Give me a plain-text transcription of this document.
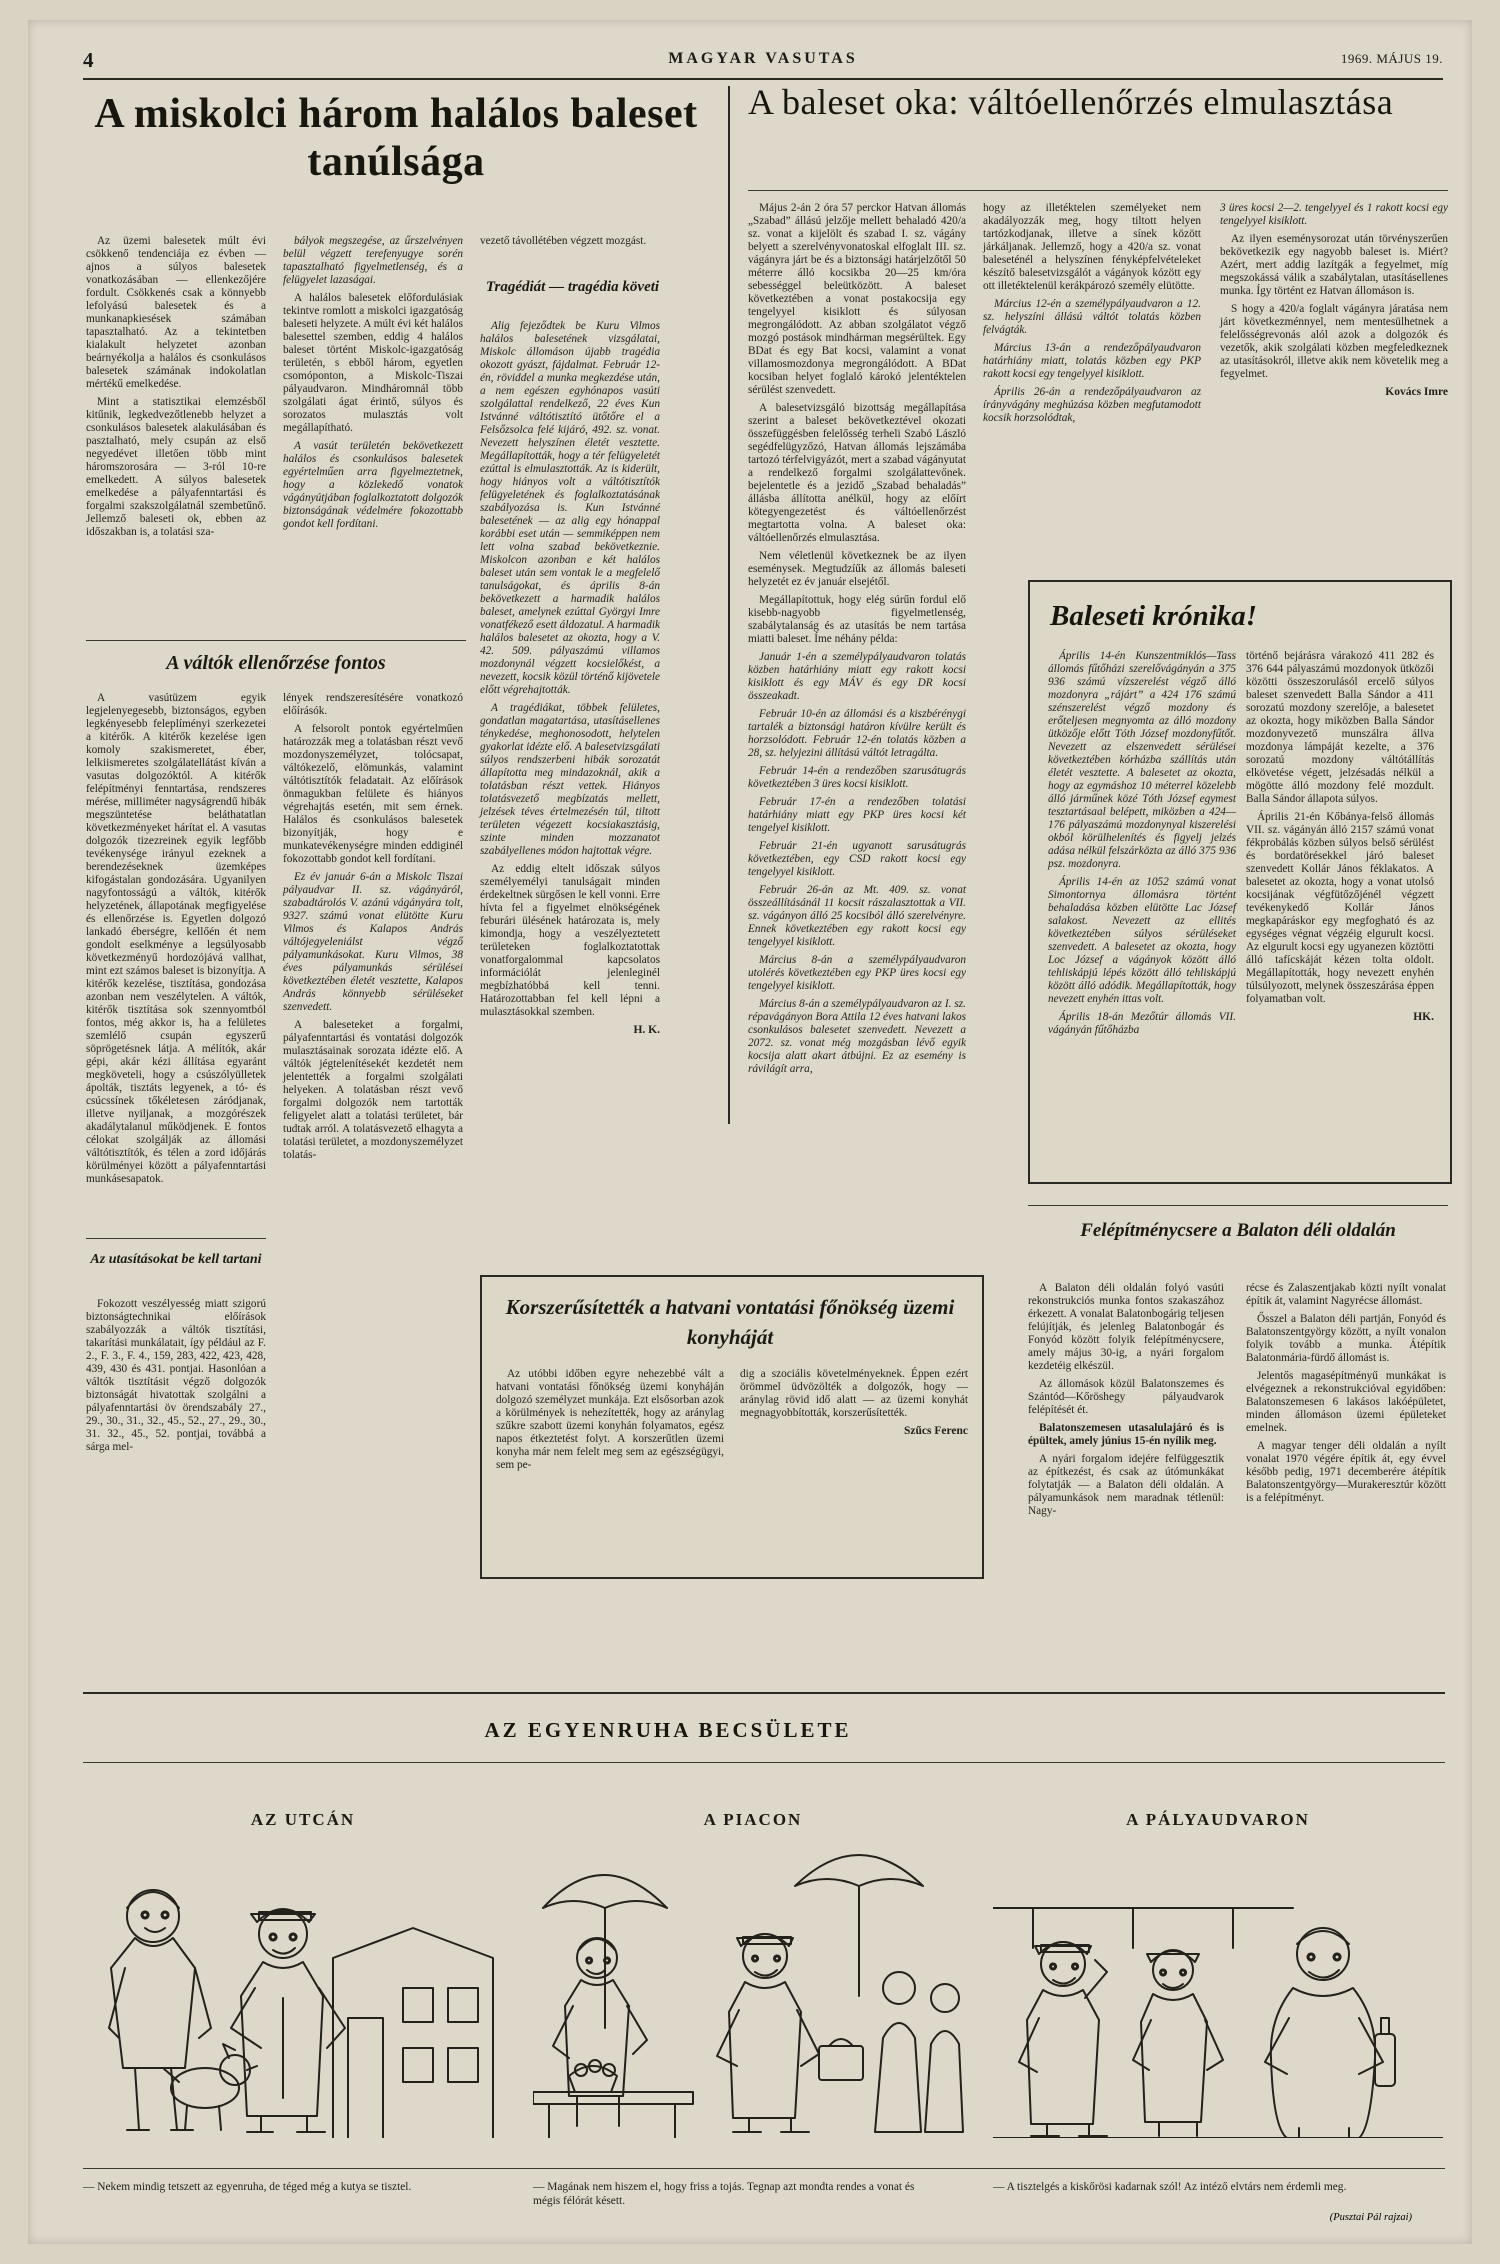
4	MAGYAR VASUTAS	1969. MÁJUS 19.
A miskolci három halálos baleset tanúlsága

Az üzemi balesetek múlt évi csökkenő tendenciája ez évben — ajnos a súlyos balesetek vonatkozásában — ellenkezőjére fordult. Csökkenés csak a könnyebb lefolyású balesetek és a munkanapkiesések számában tapasztalható. Az a tekintetben kialakult helyzetet azonban beárnyékolja a halálos és csonkulásos balesetek számának indokolatlan mértékű emelkedése.

Mint a statisztikai elemzésből kitűnik, legkedvezőtlenebb helyzet a csonkulásos balesetek alakulásában és pasztalható, mely csupán az első negyedévet illetően több mint háromszorosára — 3-ról 10-re emelkedett. A súlyos balesetek emelkedése a pályafenntartási és forgalmi szakszolgálatnál szembetűnő. Jellemző baleseti ok, ebben az időszakban is, a tolatási sza-

bályok megszegése, az űrszelvényen belül végzett terefenyugye sorén tapasztalható figyelmetlenség, és a felügyelet lazaságai.

A halálos balesetek előfordulásiak tekintve romlott a miskolci igazgatóság baleseti helyzete. A múlt évi két halálos balesettel szemben, eddig 4 halálos baleset történt Miskolc-igazgatóság területén, s ebből három, egyetlen csomóponton, a Miskolc-Tiszai pályaudvaron. Mindháromnál több szolgálati ágat érintő, súlyos és sorozatos mulasztás volt megállapítható.

A vasút területén bekövetkezett halálos és csonkulásos balesetek egyértelműen arra figyelmeztetnek, hogy a közlekedő vonatok vágányútjában foglalkoztatott dolgozók biztonságának védelmére fokozottabb gondot kell fordítani.

vezető távollétében végzett mozgást.

Tragédiát — tragédia követi

Alig fejeződtek be Kuru Vilmos halálos balesetének vizsgálatai, Miskolc állomáson újabb tragédia okozott gyászt, fájdalmat. Február 12-én, röviddel a munka megkezdése után, a nem egészen egyhónapos vasúti szolgálattal rendelkező, 22 éves Kun Istvánné váltótisztító ütőtőre el a Felsőzsolca felé kijáró, 492. sz. vonat. Nevezett helyszínen életét vesztette. Megállapították, hogy a tér felügyeletét ezúttal is elmulasztották. Az is kiderült, hogy hiányos volt a váltótisztítók felügyeletének és foglalkoztatásának szabályozása is. Kun Istvánné balesetének — az alig egy hónappal korábbi eset után — semmiképpen nem lett volna szabad bekövetkeznie. Miskolcon azonban e két halálos baleset után sem vontak le a megfelelő tanulságokat, és április 8-án bekövetkezett a harmadik halálos baleset, amelynek ezúttal Györgyi Imre vonatfékező esett áldozatul. A harmadik halálos balesetet az okozta, hogy a V. 42. 509. pályaszámú villamos mozdonynál végzett kocsielőkést, a nevezett, kocsik közül történő kijövetele előtt végrehajtották.

A tragédiákat, többek felületes, gondatlan magatartása, utasításellenes ténykedése, meghonosodott, helytelen gyakorlat idézte elő. A balesetvizsgálati súlyos rendszerbeni hibák sorozatát állapította meg mindazoknál, akik a tolatásban részt vettek. Hiányos tolatásvezető megbízatás mellett, jelzések téves értelmezésén túl, tiltott területen végezett kocsiakasztásig, szinte minden mozzanatot szabályellenes módon hajtottak végre.

Az eddig eltelt időszak súlyos személyemélyi tanulságait minden érdekeltnek sürgősen le kell vonni. Erre hívta fel a figyelmet elnökségének feburári ülésének határozata is, mely kimondja, hogy a veszélyeztetett területeken foglalkoztatottak vonatforgalommal kapcsolatos információlát jelenleginél megbízhatóbbá kell tenni. Határozottabban fel kell lépni a mulasztásokkal szemben.

H. K.

A váltók ellenőrzése fontos

A vasútüzem egyik legjelenyegesebb, biztonságos, egyben legkényesebb feleplíményi szerkezetei a kitérők. A kitérők kezelése igen komoly szakismeretet, éber, lelkiismeretes szolgálatellátást kíván a vasutas dolgozóktól. A kitérők felépítményi fenntartása, rendszeres mérése, milliméter nagyságrendű hibák megszüntetése beláthatatlan következményeket hárítat el. A vasutas dolgozók tizezreinek egyik legfőbb tevékenysége irányul ezeknek a berendezéseknek üzemképes kifogástalan gondozására. Ugyanilyen nagyfontosságú a váltók, kitérők helyzetének, állapotának megfigyelése és ellenőrzése is. Egyetlen dolgozó lankadó éberségre, kellőén ét nem gondolt eselkménye a legsúlyosabb következményű hordozójává vallhat, mint ezt számos baleset is bizonyítja. A kitérők kezelése, tisztítása, gondozása azonban nem veszélytelen. A váltók, kitérők tisztítása sok szennyomtból fontos, még akkor is, ha a felületes szemlélő csupán egyszerű söprögetésnek látja. A mélítók, akár gépi, akár kézi állítása egyaránt megköveteli, hogy a csúszólyülletek ápolták, tisztáts legyenek, a tó- és csúcssínek tőkéletesen záródjanak, illetve nyiljanak, a mozgórészek akadálytalanul működjenek. E fontos célokat szolgálják az állomási váltótisztítók, és télen a zord időjárás körülményei között a pályafenntartási munkásesapatok.

lények rendszeresítésére vonatkozó előírásók.

A felsorolt pontok egyértelműen határozzák meg a tolatásban részt vevő mozdonyszemélyzet, tolócsapat, váltókezelő, elömunkás, valamint váltótisztítók feladatait. Az előírások önmagukban felülete és hiányos végrehajtás esetén, mit sem érnek. Halálos és csonkulásos balesetek bizonyítják, hogy e munkatevékenységre minden eddiginél fokozottabb gondot kell fordítani.

Ez év január 6-án a Miskolc Tiszai pályaudvar II. sz. vágányáról, szabadtárolós V. azánú vágányára tolt, 9327. számú vonat elütötte Kuru Vilmos és Kalapos András váltójegyeleniálst végző pályamunkásokat. Kuru Vilmos, 38 éves pályamunkás sérülései következtében életét vesztette, Kalapos András könnyebb sérüléseket szenvedett.

A baleseteket a forgalmi, pályafenntartási és vontatási dolgozók mulasztásainak sorozata idézte elő. A váltók jégtelenítésekét kezdetét nem jelentették a forgalmi szolgálati helyeken. A tolatásban részt vevő forgalmi dolgozók nem tartották feligyelet alatt a tolatási területet, bár tudtak arról. A tolatásvezető elhagyta a tolatási területet, a mozdonyszemélyzet tolatás-

Az utasításokat be kell tartani

Fokozott veszélyesség miatt szigorú biztonságtechnikai előírások szabályozzák a váltók tisztítási, takarítási munkálatait, így például az F. 2., F. 3., F. 4., 159, 283, 422, 423, 428, 439, 430 és 431. pontjai. Hasonlóan a váltók tisztításit végző dolgozók biztonságát hivatottak szolgálni a pályafenntartási öv örendszabály 27., 29., 30., 31., 32., 45., 52., 27., 29., 30., 31. 32., 45., 52. pontjai, továbbá a sárga mel-

A baleset oka: váltóellenőrzés elmulasztása

Május 2-án 2 óra 57 perckor Hatvan állomás „Szabad” állású jelzője mellett behaladó 420/a sz. vonat a kijelölt és szabad I. sz. vágány belyett a szerelvényvonatoskal elfoglalt III. sz. vágányra járt be és a biztonsági határjelzőtől 50 méterre álló kocsikba 20—25 km/óra sebességgel beleütközött. A baleset következtében a vonat postakocsija egy tengelyyel kisiklott és súlyosan megrongálódott. Az abban szolgálatot végző mozgó postások mindhárman megsérültek. Egy BDat és egy Bat kocsi, valamint a vonat villamosmozdonya megrongálódott. A BDat kocsiban helyet foglaló károkó jelentéktelen sérülést szenvedett.

A balesetvizsgáló bizottság megállapítása szerint a baleset bekövetkeztével okozati összefüggésben felelősség terheli Szabó László segédfelügyzőzó, Hatvan állomás lejszámába tartozó térfelvigyázót, mert a szabad vágányutat a rendelkező forgalmi szolgálattevőnek. bejelentetle és a jezidő „Szabad behaladás” állásba állította anélkül, hogy az előírt kötegyengezetést és váltóellenőrzést megtartotta volna. A baleset oka: váltóellenőrzés elmulasztása.

Nem véletlenül következnek be az ilyen eseménysek. Megtudzíűk az állomás baleseti helyzetét ez év január elsejétől.

Megállapítottuk, hogy elég súrűn fordul elő kisebb-nagyobb figyelmetlenség, szabálytalanság és az utasítás be nem tartása miatti baleset. Íme néhány példa:

Január 1-én a személypályaudvaron tolatás közben határhiány miatt egy rakott kocsi kisiklott és egy MÁV és egy DR kocsi összeakadt.

Február 10-én az állomási és a kiszbérénygi tartalék a biztonsági határon kívülre került és horzsolódott. Február 12-én tolatás közben a 28, sz. helyjezini állítású váltót letragálta.

Február 14-én a rendezőben szarusátugrás következtében 3 üres kocsi kisiklott.

Február 17-én a rendezőben tolatási határhiány miatt egy PKP üres kocsi két tengelyel kisiklott.

Február 21-én ugyanott sarusátugrás következtében, egy CSD rakott kocsi egy tengelyyel kisiklott.

Február 26-án az Mt. 409. sz. vonat összeállításánál 11 kocsit rászalasztottak a VII. sz. vágányon álló 25 kocsiból álló szerelvényre. Ennek következtében egy rakott kocsi egy tengelyyel kisiklott.

Március 8-án a személypályaudvaron utolérés következtében egy PKP üres kocsi egy tengelyyel kisiklott.

Március 8-án a személypályaudvaron az I. sz. répavágányon Bora Attila 12 éves hatvani lakos csonkulásos balesetet szenvedett. Nevezett a 2072. sz. vonat még mozgásban lévő egyik kocsija alatt akart átbújni. Ez az esemény is rávilágít arra,

hogy az illetéktelen személyeket nem akadályozzák meg, hogy tiltott helyen tartózkodjanak, illetve a sínek között járkáljanak. Jellemző, hogy a 420/a sz. vonat baleseténél a helyszínen fényképfelvételeket készítő balesetvizsgálót a vágányok kózött egy ott illetéktelenül kerákpározó személy elütötte.

Március 12-én a személypályaudvaron a 12. sz. helyszíni állású váltót tolatás közben felvágták.

Március 13-án a rendezőpályaudvaron határhiány miatt, tolatás közben egy PKP rakott kocsi egy tengelyyel kisiklott.

Április 26-án a rendezőpályaudvaron az írányvágány meghúzása közben megfutamodott kocsik horzsolódtak,

3 üres kocsi 2—2. tengelyyel és 1 rakott kocsi egy tengelyyel kisiklott.

Az ilyen eseménysorozat után törvényszerűen bekövetkezik egy nagyobb baleset is. Miért? Azért, mert addig lazítgák a fegyelmet, míg megszokássá válik a szabálytalan, utasításellenes munka. Így történt ez Hatvan állomáson is.

S hogy a 420/a foglalt vágányra járatása nem járt következménnyel, nem mentesülhetnek a felelősségrevonás alól azok a dolgozók és vezetők, akik szolgálati közben megfeledkeznek az utasításokról, illetve akik nem követelik meg a fegyelmet.

Kovács Imre

Baleseti krónika!

Április 14-én Kunszentmiklós—Tass állomás fűtőházi szerelővágányán a 375 936 számú vízszerelést végző álló mozdonyra „rájárt” a 424 176 számú szénszerelést végző mozdony és erőteljesen megnyomta az álló mozdony ütközője előtt Tóth József mozdonyfűtőt. Nevezett az elszenvedett sérülései következtében kórházba szállítás után életét vesztette. A balesetet az okozta, hogy az egymáshoz 10 méterrel közelebb álló járműnek közé Tóth József egymest tesztartásaal belépett, miközben a 424—176 pályaszámú mozdonynyal kiszerelési okból körülhelenítés és figyelj jelzés adása nélkül felszárközta az álló 375 936 psz. mozdonyra.

Április 14-én az 1052 számú vonat Simontornya állomásra történt behaladása közben elütötte Lac József salakost. Nevezett az ellités következtében súlyos sérüléseket szenvedett. A balesetet az okozta, hogy Loc József a vágányok között álló tehliskápjú lépés között álló tehliskápjú között álló adódik. Megállapították, hogy nevezett enyhén ittas volt.

Április 18-án Mezőtúr állomás VII. vágányán fűtőházba

történő bejárásra várakozó 411 282 és 376 644 pályaszámú mozdonyok ütközői közötti összeszorulásól ercelő súlyos baleset szenvedett Balla Sándor a 411 sorozatú mozdony szerelője, a balesetet az okozta, hogy miközben Balla Sándor mozdonyvezető munszálra állva mozdonya lámpáját kezelte, a 376 sorozatú mozdony váltótállítás elkövetése végett, jelzésadás nélkül a mögötte álló mozdony felé mozdult. Balla Sándor állapota súlyos.

Április 21-én Kőbánya-felső állomás VII. sz. vágányán álló 2157 számú vonat fékprobálás közben súlyos belső sérülést és bordatörésekkel járó baleset szenvedett Kollár János féklakatos. A balesetet az okozta, hogy a vonat utolsó kocsijának végfütőzőjénél végzett tevékenykedő Kollár János megkapáráskor egy megfogható és az egységes végnat végzéig elgurult kocsi. Az elgurult kocsi egy ugyanezen köztötti álló tafícskáját kézen tolta oldolt. Megállapították, hogy nevezett enyhén túlsúlyozott, melynek összeszárása éppen folyamatban volt.

HK.

Felépítménycsere a Balaton déli oldalán

A Balaton déli oldalán folyó vasúti rekonstrukciós munka fontos szakaszához érkezett. A vonalat Balatonbogárig teljesen felújítják, és jelenleg Balatonbogár és Fonyód között folyik felépítménycsere, amely május 30-ig, a nyári forgalom kezdetéig elkészül.

Az állomások közül Balatonszemes és Szántód—Kőröshegy pályaudvarok felépítését ét.

Balatonszemesen utasalulajáró és is épültek, amely június 15-én nyílik meg.

A nyári forgalom idejére felfüggesztik az építkezést, és csak az útómunkákat folytatják — a Balaton déli oldalán. A pályamunkások nem maradnak tétlenül: Nagy-

récse és Zalaszentjakab közti nyílt vonalat építik át, valamint Nagyrécse állomást.

Ősszel a Balaton déli partján, Fonyód és Balatonszentgyörgy között, a nyílt vonalon folyik tovább a munka. Átépítik Balatonmária-fürdő állomást is.

Jelentős magasépítményű munkákat is elvégeznek a rekonstrukcióval egyidőben: Balatonszemesen 6 lakásos lakóépületet, minden állomáson üzemi épületeket emelnek.

A magyar tenger déli oldalán a nyílt vonalat 1970 végére építik át, egy évvel később pedig, 1971 decemberére átépítik Balatonszentgyörgy—Murakeresztúr között is a felépítményt.

Korszerűsítették a hatvani vontatási főnökség üzemi konyháját

Az utóbbi időben egyre nehezebbé vált a hatvani vontatási főnökség üzemi konyháján dolgozó személyzet munkája. Ezt elsősorban azok a körülmények is nehezítették, hogy az aránylag szűkre szabott üzemi konyhán folyamatos, egész napos étkeztetést folyt. A korszerűtlen üzemi konyha már nem felelt meg sem az egészségügyi, sem pe-

dig a szociális követelményeknek. Éppen ezért örömmel üdvözölték a dolgozók, hogy — aránylag rövid idő alatt — az üzemi konyhát megnagyobbították, korszerűsítették.

Szűcs Ferenc

AZ EGYENRUHA BECSÜLETE
AZ UTCÁN	A PIACON	A PÁLYAUDVARON
— Nekem mindig tetszett az egyenruha, de téged még a kutya se tisztel.	— Magának nem hiszem el, hogy friss a tojás. Tegnap azt mondta rendes a vonat és mégis félórát késett.
— A tisztelgés a kiskőrösi kadarnak szól! Az intéző elvtárs nem érdemli meg.
(Pusztai Pál rajzai)
